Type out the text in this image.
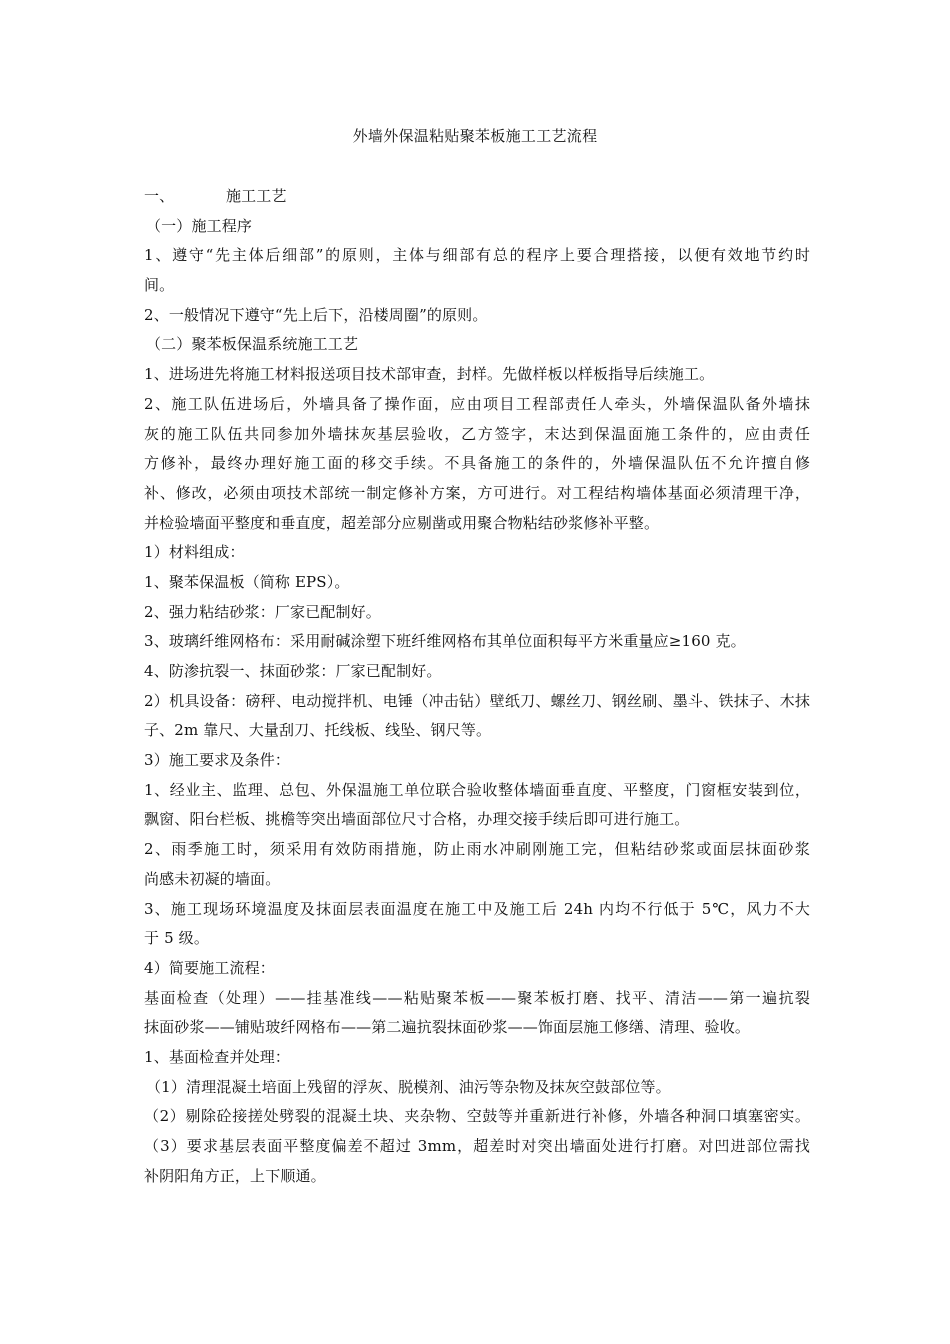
外墙外保温粘贴聚苯板施工工艺流程
一、	施工工艺
（一）施工程序
1、遵守“先主体后细部”的原则，主体与细部有总的程序上要合理搭接，以便有效地节约时
间。
2、一般情况下遵守“先上后下，沿楼周圈”的原则。
（二）聚苯板保温系统施工工艺
1、进场进先将施工材料报送项目技术部审查，封样。先做样板以样板指导后续施工。
2、施工队伍进场后，外墙具备了操作面，应由项目工程部责任人牵头，外墙保温队备外墙抹
灰的施工队伍共同参加外墙抹灰基层验收，乙方签字，末达到保温面施工条件的，应由责任
方修补，最终办理好施工面的移交手续。不具备施工的条件的，外墙保温队伍不允许擅自修
补、修改，必须由项技术部统一制定修补方案，方可进行。对工程结构墙体基面必须清理干净，
并检验墙面平整度和垂直度，超差部分应剔凿或用聚合物粘结砂浆修补平整。
1）材料组成：
1、聚苯保温板（简称 EPS）。
2、强力粘结砂浆：厂家已配制好。
3、玻璃纤维网格布：采用耐碱涂塑下班纤维网格布其单位面积每平方米重量应≥160 克。
4、防渗抗裂一、抹面砂浆：厂家已配制好。
2）机具设备：磅秤、电动搅拌机、电锤（冲击钻）壁纸刀、螺丝刀、钢丝刷、墨斗、铁抹子、木抹
子、2m 靠尺、大量刮刀、托线板、线坠、钢尺等。
3）施工要求及条件：
1、经业主、监理、总包、外保温施工单位联合验收整体墙面垂直度、平整度，门窗框安装到位，
飘窗、阳台栏板、挑檐等突出墙面部位尺寸合格，办理交接手续后即可进行施工。
2、雨季施工时，须采用有效防雨措施，防止雨水冲刷刚施工完，但粘结砂浆或面层抹面砂浆
尚感未初凝的墙面。
3、施工现场环境温度及抹面层表面温度在施工中及施工后 24h 内均不行低于 5℃，风力不大
于 5 级。
4）简要施工流程：
基面检查（处理）——挂基准线——粘贴聚苯板——聚苯板打磨、找平、清洁——第一遍抗裂
抹面砂浆——铺贴玻纤网格布——第二遍抗裂抹面砂浆——饰面层施工修缮、清理、验收。
1、基面检查并处理：
（1）清理混凝土培面上残留的浮灰、脱模剂、油污等杂物及抹灰空鼓部位等。
（2）剔除砼接搓处劈裂的混凝土块、夹杂物、空鼓等并重新进行补修，外墙各种洞口填塞密实。
（3）要求基层表面平整度偏差不超过 3mm，超差时对突出墙面处进行打磨。对凹进部位需找
补阴阳角方正，上下顺通。
